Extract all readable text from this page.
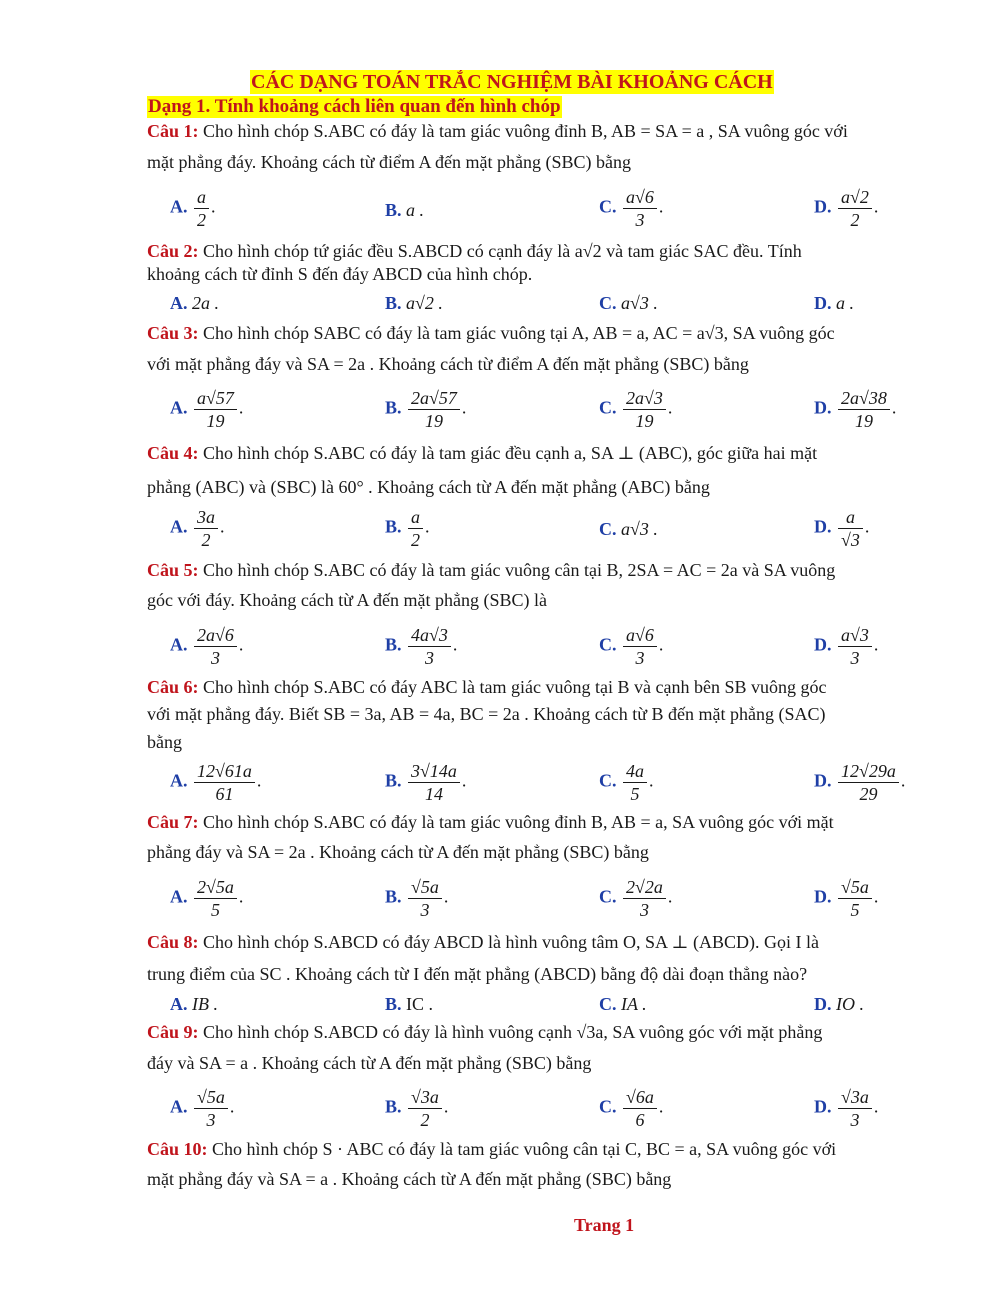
CÁC DẠNG TOÁN TRẮC NGHIỆM BÀI KHOẢNG CÁCH
Dạng 1. Tính khoảng cách liên quan đến hình chóp
Câu 1: Cho hình chóp S.ABC có đáy là tam giác vuông đỉnh B, AB = SA = a , SA vuông góc với
mặt phẳng đáy. Khoảng cách từ điểm A đến mặt phẳng (SBC) bằng
A. $\frac{a}{2}$ .	B. a .	C. $\frac{a√6}{3}$ .	D. $\frac{a√2}{2}$ .
Câu 2: Cho hình chóp tứ giác đều S.ABCD có cạnh đáy là a√2 và tam giác SAC đều. Tính
khoảng cách từ đỉnh S đến đáy ABCD của hình chóp.
A. 2a .	B. a√2 .	C. a√3 .	D. a .
Câu 3: Cho hình chóp SABC có đáy là tam giác vuông tại A, AB = a, AC = a√3, SA vuông góc
với mặt phẳng đáy và SA = 2a . Khoảng cách từ điểm A đến mặt phẳng (SBC) bằng
A. $\frac{a√57}{19}$ .	B. $\frac{2a√57}{19}$ .	C. $\frac{2a√3}{19}$ .	D. $\frac{2a√38}{19}$ .
Câu 4: Cho hình chóp S.ABC có đáy là tam giác đều cạnh a, SA ⊥ (ABC), góc giữa hai mặt
phẳng (ABC) và (SBC) là 60° . Khoảng cách từ A đến mặt phẳng (ABC) bằng
A. $\frac{3a}{2}$ .	B. $\frac{a}{2}$ .	C. a√3 .	D. $\frac{a}{√3}$ .
Câu 5: Cho hình chóp S.ABC có đáy là tam giác vuông cân tại B, 2SA = AC = 2a và SA vuông
góc với đáy. Khoảng cách từ A đến mặt phẳng (SBC) là
A. $\frac{2a√6}{3}$ .	B. $\frac{4a√3}{3}$ .	C. $\frac{a√6}{3}$ .	D. $\frac{a√3}{3}$ .
Câu 6: Cho hình chóp S.ABC có đáy ABC là tam giác vuông tại B và cạnh bên SB vuông góc
với mặt phẳng đáy. Biết SB = 3a, AB = 4a, BC = 2a . Khoảng cách từ B đến mặt phẳng (SAC)
bằng
A. $\frac{12√61a}{61}$ .	B. $\frac{3√14a}{14}$ .	C. $\frac{4a}{5}$ .	D. $\frac{12√29a}{29}$ .
Câu 7: Cho hình chóp S.ABC có đáy là tam giác vuông đỉnh B, AB = a, SA vuông góc với mặt
phẳng đáy và SA = 2a . Khoảng cách từ A đến mặt phẳng (SBC) bằng
A. $\frac{2√5a}{5}$ .	B. $\frac{√5a}{3}$ .	C. $\frac{2√2a}{3}$ .	D. $\frac{√5a}{5}$ .
Câu 8: Cho hình chóp S.ABCD có đáy ABCD là hình vuông tâm O, SA ⊥ (ABCD). Gọi I là
trung điểm của SC . Khoảng cách từ I đến mặt phẳng (ABCD) bằng độ dài đoạn thẳng nào?
A. IB .	B. IC .	C. IA .	D. IO .
Câu 9: Cho hình chóp S.ABCD có đáy là hình vuông cạnh √3a, SA vuông góc với mặt phẳng
đáy và SA = a . Khoảng cách từ A đến mặt phẳng (SBC) bằng
A. $\frac{√5a}{3}$ .	B. $\frac{√3a}{2}$ .	C. $\frac{√6a}{6}$ .	D. $\frac{√3a}{3}$ .
Câu 10: Cho hình chóp S · ABC có đáy là tam giác vuông cân tại C, BC = a, SA vuông góc với
mặt phẳng đáy và SA = a . Khoảng cách từ A đến mặt phẳng (SBC) bằng
Trang 1
